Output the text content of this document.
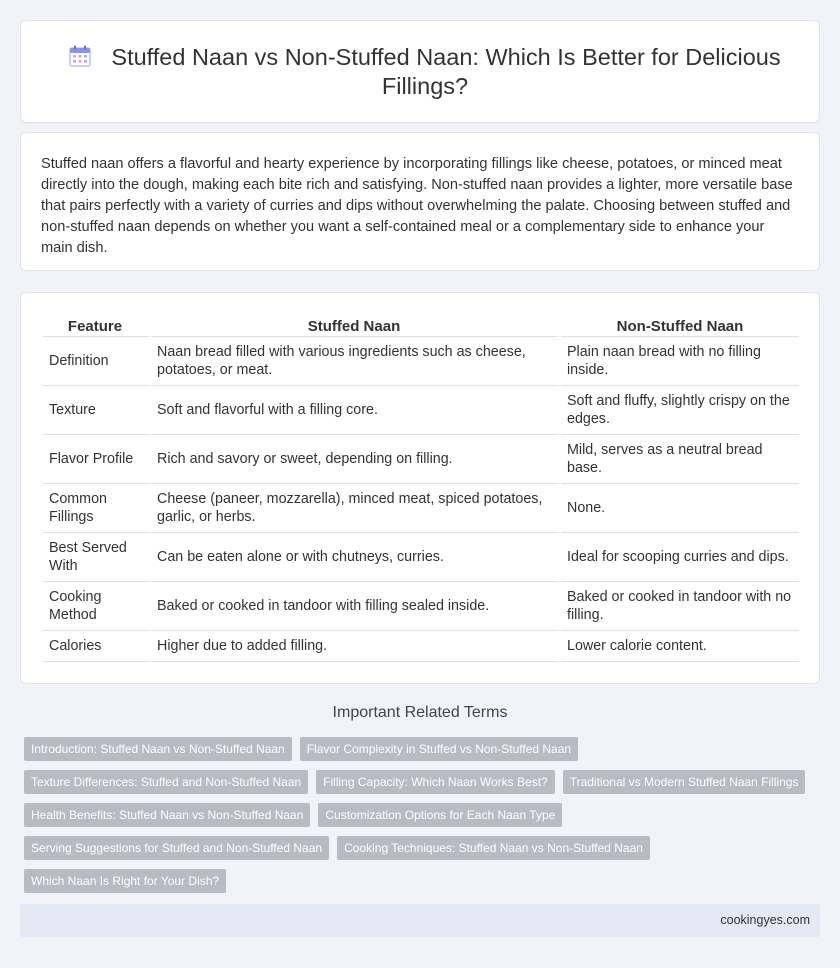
Stuffed Naan vs Non-Stuffed Naan: Which Is Better for Delicious Fillings?

Stuffed naan offers a flavorful and hearty experience by incorporating fillings like cheese, potatoes, or minced meat directly into the dough, making each bite rich and satisfying. Non-stuffed naan provides a lighter, more versatile base that pairs perfectly with a variety of curries and dips without overwhelming the palate. Choosing between stuffed and non-stuffed naan depends on whether you want a self-contained meal or a complementary side to enhance your main dish.

Feature	Stuffed Naan	Non-Stuffed Naan
Definition	Naan bread filled with various ingredients such as cheese, potatoes, or meat.	Plain naan bread with no filling inside.
Texture	Soft and flavorful with a filling core.	Soft and fluffy, slightly crispy on the edges.
Flavor Profile	Rich and savory or sweet, depending on filling.	Mild, serves as a neutral bread base.
Common Fillings	Cheese (paneer, mozzarella), minced meat, spiced potatoes, garlic, or herbs.	None.
Best Served With	Can be eaten alone or with chutneys, curries.	Ideal for scooping curries and dips.
Cooking Method	Baked or cooked in tandoor with filling sealed inside.	Baked or cooked in tandoor with no filling.
Calories	Higher due to added filling.	Lower calorie content.
Important Related Terms
Introduction: Stuffed Naan vs Non-Stuffed Naan	Flavor Complexity in Stuffed vs Non-Stuffed Naan
Texture Differences: Stuffed and Non-Stuffed Naan	Filling Capacity: Which Naan Works Best?	Traditional vs Modern Stuffed Naan Fillings
Health Benefits: Stuffed Naan vs Non-Stuffed Naan	Customization Options for Each Naan Type
Serving Suggestions for Stuffed and Non-Stuffed Naan	Cooking Techniques: Stuffed Naan vs Non-Stuffed Naan
Which Naan Is Right for Your Dish?
cookingyes.com
